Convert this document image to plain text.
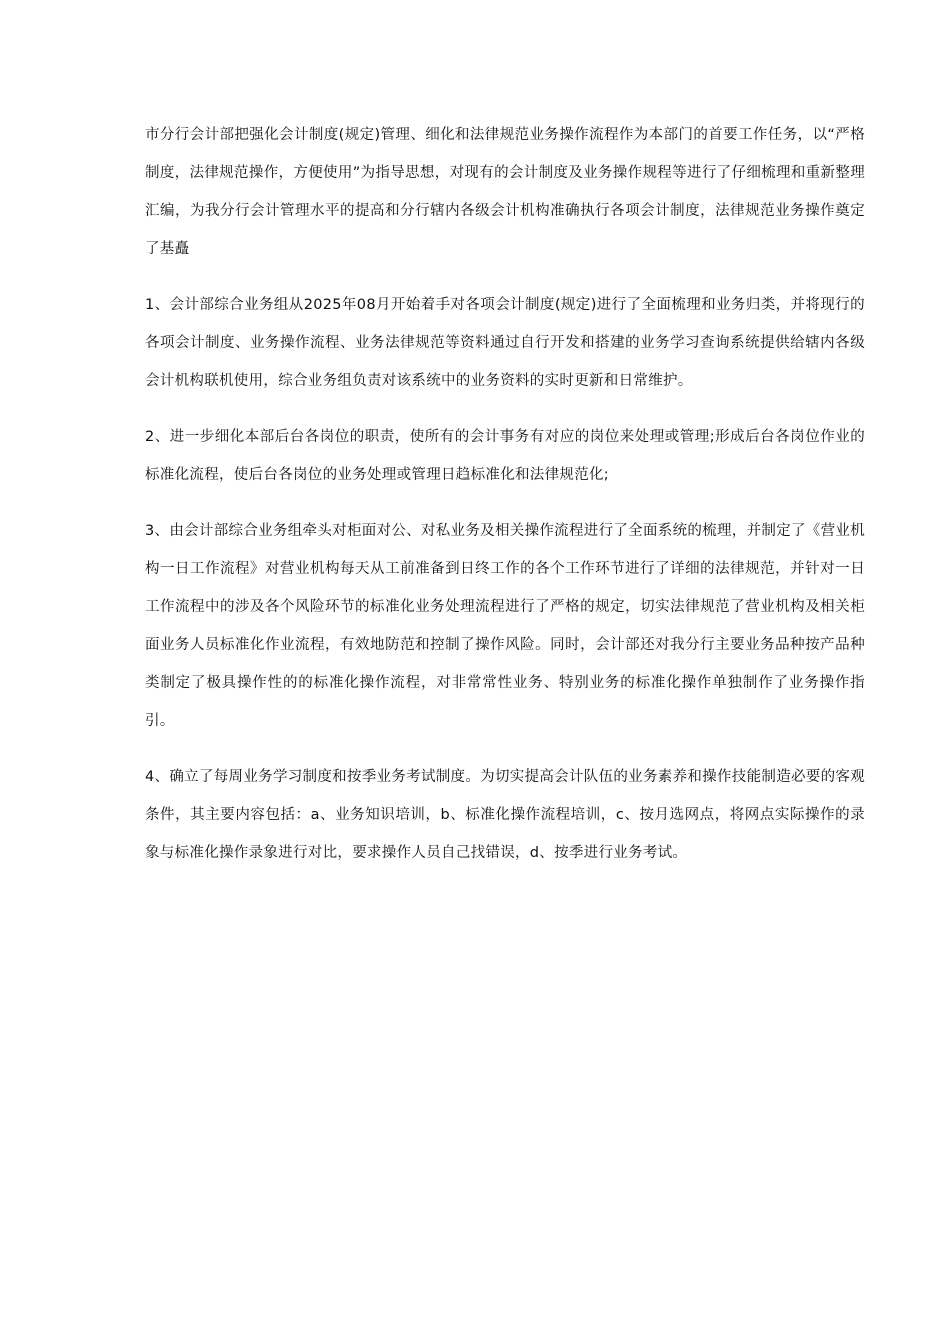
市分行会计部把强化会计制度(规定)管理、细化和法律规范业务操作流程作为本部门的首要工作任务，以“严格制度，法律规范操作，方便使用”为指导思想，对现有的会计制度及业务操作规程等进行了仔细梳理和重新整理汇编，为我分行会计管理水平的提高和分行辖内各级会计机构准确执行各项会计制度，法律规范业务操作奠定了基矗

1、会计部综合业务组从2025年08月开始着手对各项会计制度(规定)进行了全面梳理和业务归类，并将现行的各项会计制度、业务操作流程、业务法律规范等资料通过自行开发和搭建的业务学习查询系统提供给辖内各级会计机构联机使用，综合业务组负责对该系统中的业务资料的实时更新和日常维护。

2、进一步细化本部后台各岗位的职责，使所有的会计事务有对应的岗位来处理或管理;形成后台各岗位作业的标准化流程，使后台各岗位的业务处理或管理日趋标准化和法律规范化;

3、由会计部综合业务组牵头对柜面对公、对私业务及相关操作流程进行了全面系统的梳理，并制定了《营业机构一日工作流程》对营业机构每天从工前准备到日终工作的各个工作环节进行了详细的法律规范，并针对一日工作流程中的涉及各个风险环节的标准化业务处理流程进行了严格的规定，切实法律规范了营业机构及相关柜面业务人员标准化作业流程，有效地防范和控制了操作风险。同时，会计部还对我分行主要业务品种按产品种类制定了极具操作性的的标准化操作流程，对非常常性业务、特别业务的标准化操作单独制作了业务操作指引。

4、确立了每周业务学习制度和按季业务考试制度。为切实提高会计队伍的业务素养和操作技能制造必要的客观条件，其主要内容包括：a、业务知识培训，b、标准化操作流程培训，c、按月选网点，将网点实际操作的录象与标准化操作录象进行对比，要求操作人员自己找错误，d、按季进行业务考试。
